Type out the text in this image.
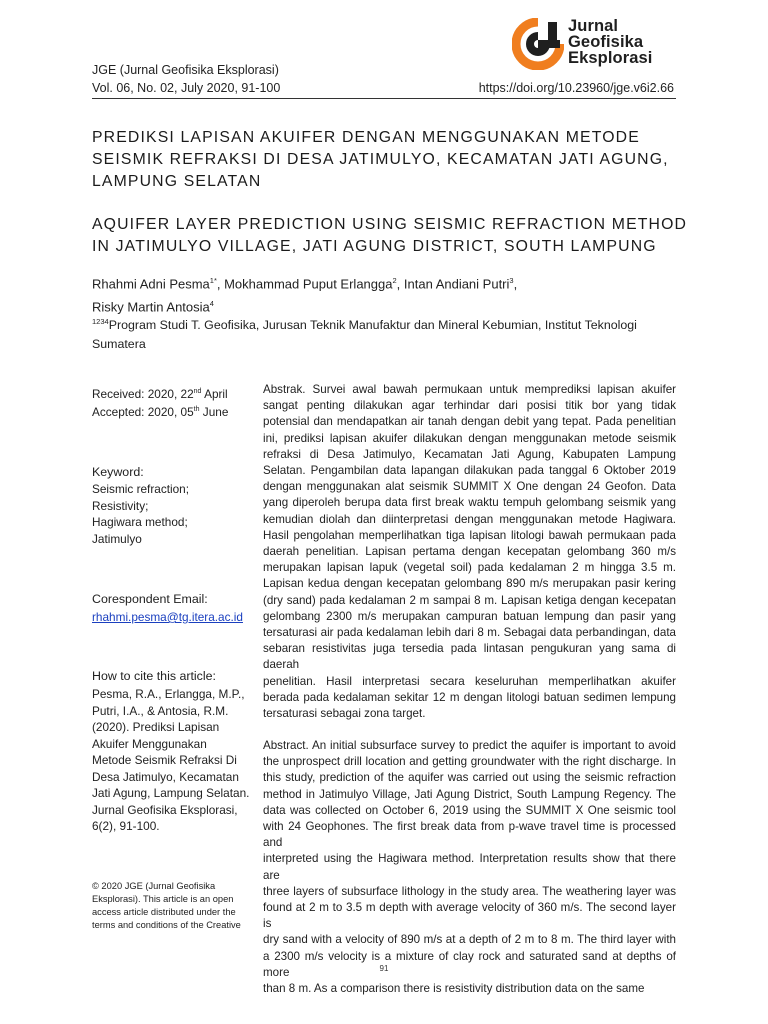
Jurnal
Geofisika
Eksplorasi
JGE (Jurnal Geofisika Eksplorasi)
Vol. 06, No. 02, July 2020, 91-100	https://doi.org/10.23960/jge.v6i2.66
PREDIKSI LAPISAN AKUIFER DENGAN MENGGUNAKAN METODE
SEISMIK REFRAKSI DI DESA JATIMULYO, KECAMATAN JATI AGUNG,
LAMPUNG SELATAN
AQUIFER LAYER PREDICTION USING SEISMIC REFRACTION METHOD
IN JATIMULYO VILLAGE, JATI AGUNG DISTRICT, SOUTH LAMPUNG
Rhahmi Adni Pesma$^{1*}$, Mokhammad Puput Erlangga$^2$, Intan Andiani Putri$^3$,
Risky Martin Antosia$^4$
$^{1234}$Program Studi T. Geofisika, Jurusan Teknik Manufaktur dan Mineral Kebumian, Institut Teknologi
Sumatera
Received: 2020, 22nd April
Accepted: 2020, 05th June
Keyword:
Seismic refraction;
Resistivity;
Hagiwara method;
Jatimulyo
Corespondent Email:
rhahmi.pesma@tg.itera.ac.id
How to cite this article:
Pesma, R.A., Erlangga, M.P.,
Putri, I.A., & Antosia, R.M.
(2020). Prediksi Lapisan
Akuifer Menggunakan
Metode Seismik Refraksi Di
Desa Jatimulyo, Kecamatan
Jati Agung, Lampung Selatan.
Jurnal Geofisika Eksplorasi,
6(2), 91-100.
© 2020 JGE (Jurnal Geofisika
Eksplorasi). This article is an open
access article distributed under the
terms and conditions of the Creative
Abstrak. Survei awal bawah permukaan untuk memprediksi lapisan akuifer
sangat penting dilakukan agar terhindar dari posisi titik bor yang tidak
potensial dan mendapatkan air tanah dengan debit yang tepat. Pada penelitian
ini, prediksi lapisan akuifer dilakukan dengan menggunakan metode seismik
refraksi di Desa Jatimulyo, Kecamatan Jati Agung, Kabupaten Lampung
Selatan. Pengambilan data lapangan dilakukan pada tanggal 6 Oktober 2019
dengan menggunakan alat seismik SUMMIT X One dengan 24 Geofon. Data
yang diperoleh berupa data first break waktu tempuh gelombang seismik yang
kemudian diolah dan diinterpretasi dengan menggunakan metode Hagiwara.
Hasil pengolahan memperlihatkan tiga lapisan litologi bawah permukaan pada
daerah penelitian. Lapisan pertama dengan kecepatan gelombang 360 m/s
merupakan lapisan lapuk (vegetal soil) pada kedalaman 2 m hingga 3.5 m.
Lapisan kedua dengan kecepatan gelombang 890 m/s merupakan pasir kering
(dry sand) pada kedalaman 2 m sampai 8 m. Lapisan ketiga dengan kecepatan
gelombang 2300 m/s merupakan campuran batuan lempung dan pasir yang
tersaturasi air pada kedalaman lebih dari 8 m. Sebagai data perbandingan, data
sebaran resistivitas juga tersedia pada lintasan pengukuran yang sama di daerah
penelitian. Hasil interpretasi secara keseluruhan memperlihatkan akuifer
berada pada kedalaman sekitar 12 m dengan litologi batuan sedimen lempung
tersaturasi sebagai zona target.
Abstract. An initial subsurface survey to predict the aquifer is important to avoid
the unprospect drill location and getting groundwater with the right discharge. In
this study, prediction of the aquifer was carried out using the seismic refraction
method in Jatimulyo Village, Jati Agung District, South Lampung Regency. The
data was collected on October 6, 2019 using the SUMMIT X One seismic tool
with 24 Geophones. The first break data from p-wave travel time is processed and
interpreted using the Hagiwara method. Interpretation results show that there are
three layers of subsurface lithology in the study area. The weathering layer was
found at 2 m to 3.5 m depth with average velocity of 360 m/s. The second layer is
dry sand with a velocity of 890 m/s at a depth of 2 m to 8 m. The third layer with
a 2300 m/s velocity is a mixture of clay rock and saturated sand at depths of more
than 8 m. As a comparison there is resistivity distribution data on the same
91
